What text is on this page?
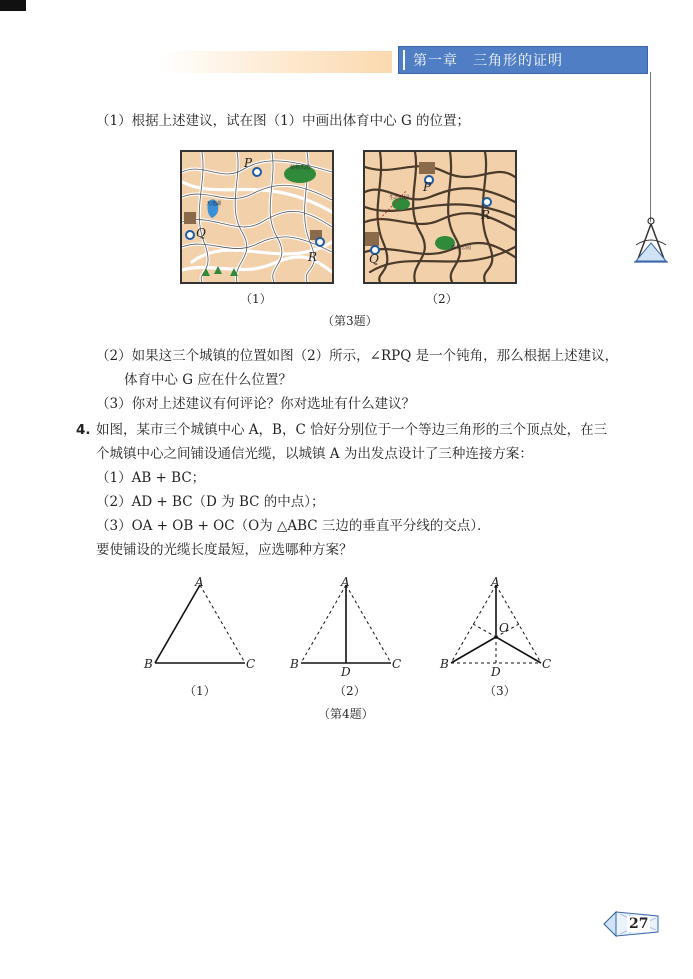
第一章　三角形的证明
（1）根据上述建议，试在图（1）中画出体育中心 G 的位置；
植物乐园
天池湖
P
Q
R
（1）
生态公园
森林公园
P
Q
R
（2）
（第3题）
（2）如果这三个城镇的位置如图（2）所示，∠RPQ 是一个钝角，那么根据上述建议，
体育中心 G 应在什么位置？
（3）你对上述建议有何评论？你对选址有什么建议？
4. 如图，某市三个城镇中心 A，B，C 恰好分别位于一个等边三角形的三个顶点处，在三
个城镇中心之间铺设通信光缆，以城镇 A 为出发点设计了三种连接方案：
（1）AB + BC；
（2）AD + BC（D 为 BC 的中点）；
（3）OA + OB + OC（O为 △ABC 三边的垂直平分线的交点）．
要使铺设的光缆长度最短，应选哪种方案？
A
B	C
（1）
A
B	C
D
（2）
A
B	C
D
O
（3）
（第4题）
27
